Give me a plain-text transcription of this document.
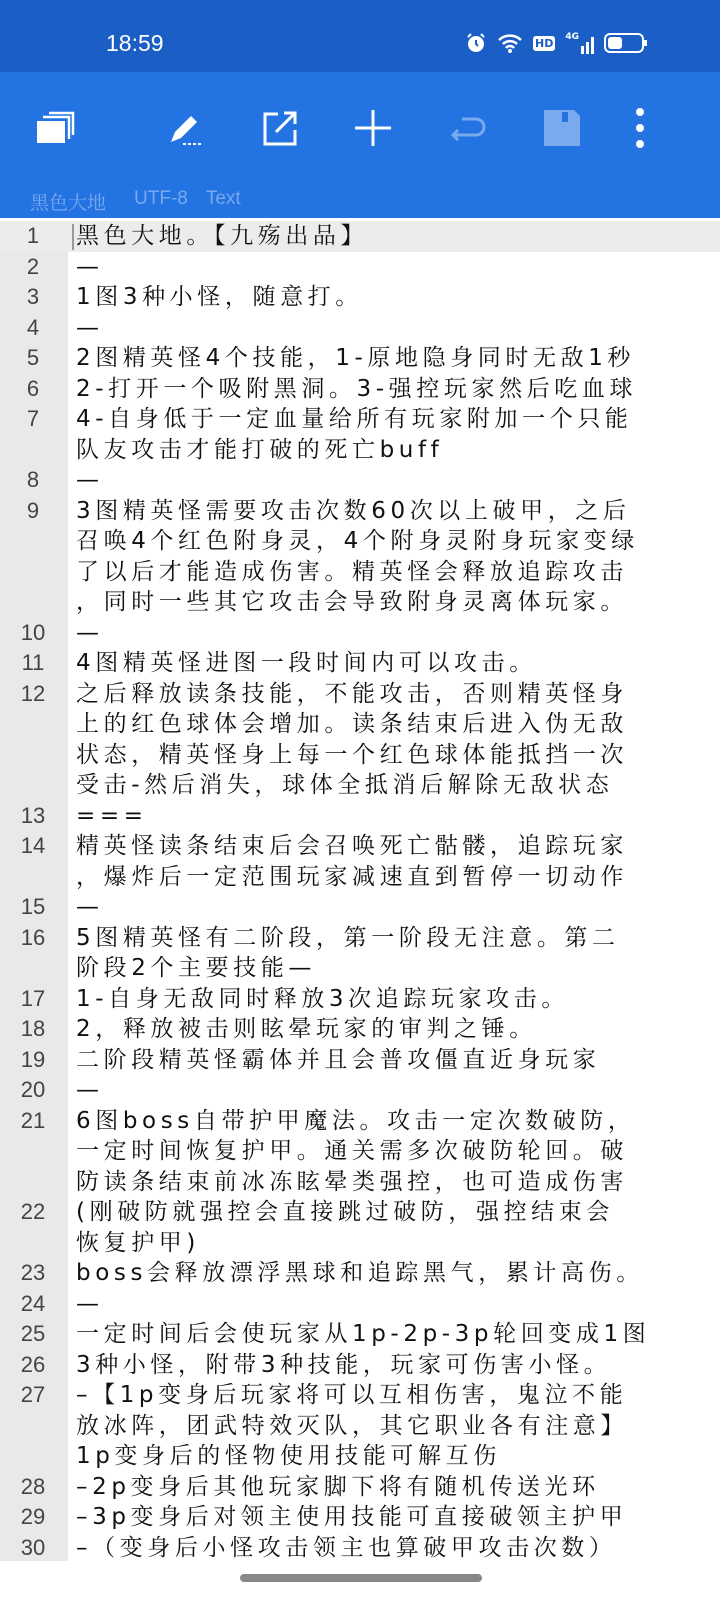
18:59	HD 4G
黑色大地 UTF-8 Text
1	黑色大地。【九殇出品】
2	—
3	1图3种小怪，随意打。
4	—
5	2图精英怪4个技能，1-原地隐身同时无敌1秒
6	2-打开一个吸附黑洞。3-强控玩家然后吃血球
7	4-自身低于一定血量给所有玩家附加一个只能
队友攻击才能打破的死亡buff
8	—
9	3图精英怪需要攻击次数60次以上破甲，之后
召唤4个红色附身灵，4个附身灵附身玩家变绿
了以后才能造成伤害。精英怪会释放追踪攻击
，同时一些其它攻击会导致附身灵离体玩家。
10	—
11	4图精英怪进图一段时间内可以攻击。
12	之后释放读条技能，不能攻击，否则精英怪身
上的红色球体会增加。读条结束后进入伪无敌
状态，精英怪身上每一个红色球体能抵挡一次
受击-然后消失，球体全抵消后解除无敌状态
13	===
14	精英怪读条结束后会召唤死亡骷髅，追踪玩家
，爆炸后一定范围玩家减速直到暂停一切动作
15	—
16	5图精英怪有二阶段，第一阶段无注意。第二
阶段2个主要技能—
17	1-自身无敌同时释放3次追踪玩家攻击。
18	2，释放被击则眩晕玩家的审判之锤。
19	二阶段精英怪霸体并且会普攻僵直近身玩家
20	—
21	6图boss自带护甲魔法。攻击一定次数破防，
一定时间恢复护甲。通关需多次破防轮回。破
防读条结束前冰冻眩晕类强控，也可造成伤害
22	(刚破防就强控会直接跳过破防，强控结束会
恢复护甲)
23	boss会释放漂浮黑球和追踪黑气，累计高伤。
24	—
25	一定时间后会使玩家从1p-2p-3p轮回变成1图
26	3种小怪，附带3种技能，玩家可伤害小怪。
27	–【1p变身后玩家将可以互相伤害，鬼泣不能
放冰阵，团武特效灭队，其它职业各有注意】
1p变身后的怪物使用技能可解互伤
28	–2p变身后其他玩家脚下将有随机传送光环
29	–3p变身后对领主使用技能可直接破领主护甲
30	–（变身后小怪攻击领主也算破甲攻击次数）
